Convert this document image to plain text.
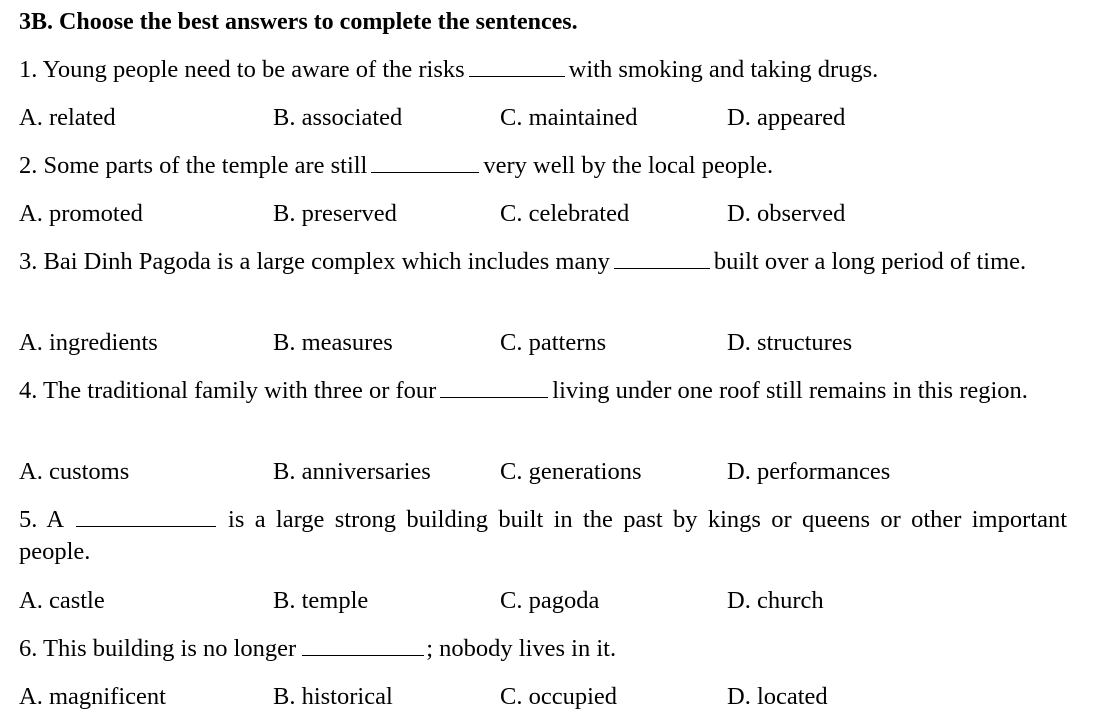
3B. Choose the best answers to complete the sentences.
1. Young people need to be aware of the risks	with smoking and taking drugs.
A. related	B. associated	C. maintained	D. appeared
2. Some parts of the temple are still	very well by the local people.
A. promoted	B. preserved	C. celebrated	D. observed
3. Bai Dinh Pagoda is a large complex which includes many	built over a long period of time.
A. ingredients	B. measures	C. patterns	D. structures
4. The traditional family with three or four	living under one roof still remains in this region.
A. customs	B. anniversaries	C. generations	D. performances
5. A	is a large strong building built in the past by kings or queens or other important people.
A. castle	B. temple	C. pagoda	D. church
6. This building is no longer	; nobody lives in it.
A. magnificent	B. historical	C. occupied	D. located
